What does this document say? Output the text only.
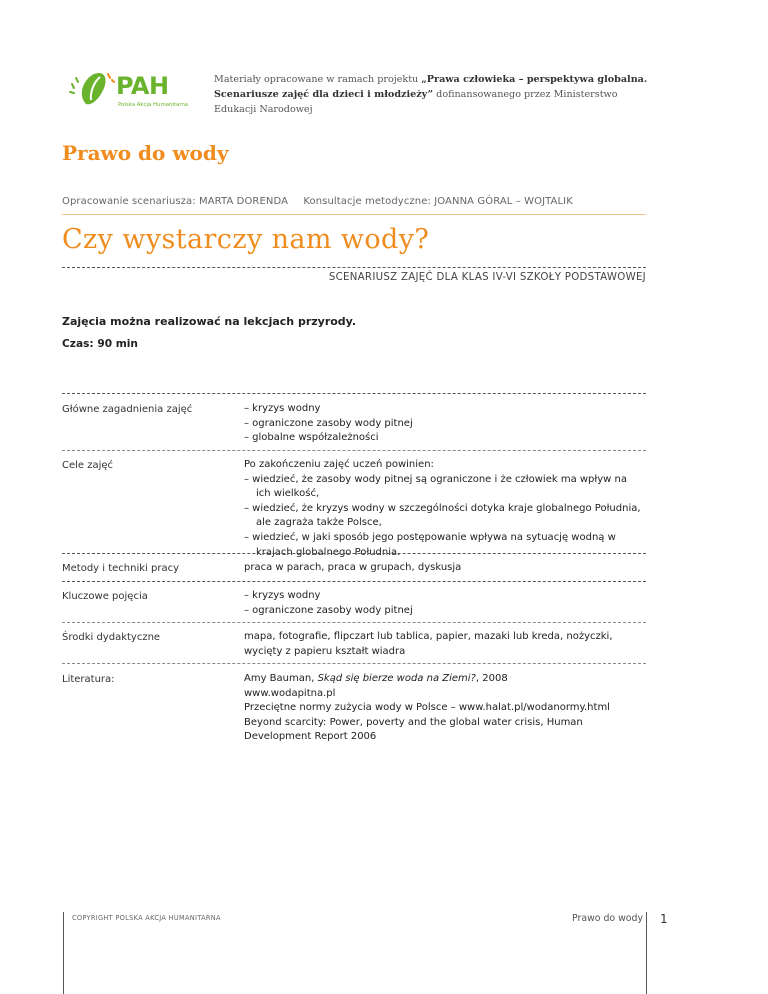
PAH
Polska Akcja Humanitarna
Materiały opracowane w ramach projektu „Prawa człowieka – perspektywa globalna.
Scenariusze zajęć dla dzieci i młodzieży” dofinansowanego przez Ministerstwo
Edukacji Narodowej
Prawo do wody
Opracowanie scenariusza: MARTA DORENDA Konsultacje metodyczne: JOANNA GÓRAL – WOJTALIK
Czy wystarczy nam wody?
SCENARIUSZ ZAJĘĆ DLA KLAS IV-VI SZKOŁY PODSTAWOWEJ
Zajęcia można realizować na lekcjach przyrody.
Czas: 90 min
Główne zagadnienia zajęć	– kryzys wodny
– ograniczone zasoby wody pitnej
– globalne współzależności
Cele zajęć	Po zakończeniu zajęć uczeń powinien:
– wiedzieć, że zasoby wody pitnej są ograniczone i że człowiek ma wpływ na ich wielkość,
– wiedzieć, że kryzys wodny w szczególności dotyka kraje globalnego Południa, ale zagraża także Polsce,
– wiedzieć, w jaki sposób jego postępowanie wpływa na sytuację wodną w krajach globalnego Południa.
Metody i techniki pracy	praca w parach, praca w grupach, dyskusja
Kluczowe pojęcia	– kryzys wodny
– ograniczone zasoby wody pitnej
Środki dydaktyczne	mapa, fotografie, flipczart lub tablica, papier, mazaki lub kreda, nożyczki, wycięty z papieru kształt wiadra
Literatura:	Amy Bauman, Skąd się bierze woda na Ziemi?, 2008
www.wodapitna.pl
Przeciętne normy zużycia wody w Polsce – www.halat.pl/wodanormy.html
Beyond scarcity: Power, poverty and the global water crisis, Human Development Report 2006
COPYRIGHT POLSKA AKCJA HUMANITARNA	Prawo do wody 1
